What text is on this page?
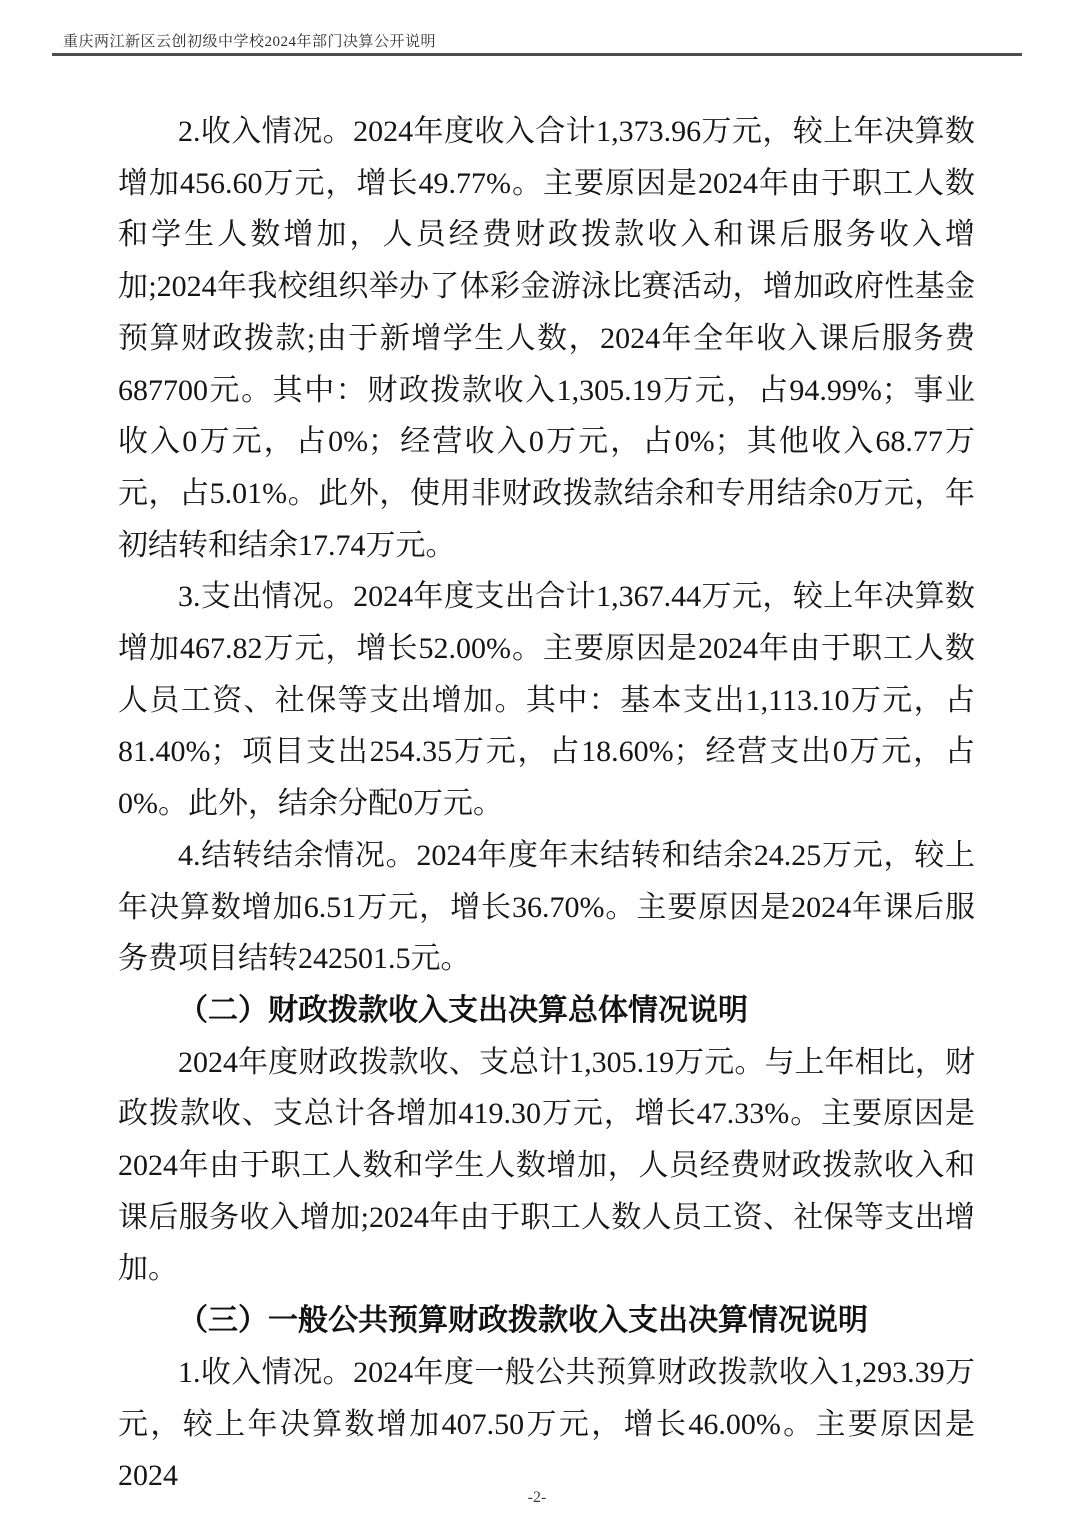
重庆两江新区云创初级中学校2024年部门决算公开说明

2.收入情况。2024年度收入合计1,373.96万元，较上年决算数增加456.60万元，增长49.77%。主要原因是2024年由于职工人数和学生人数增加，人员经费财政拨款收入和课后服务收入增加;2024年我校组织举办了体彩金游泳比赛活动，增加政府性基金预算财政拨款;由于新增学生人数，2024年全年收入课后服务费687700元。其中：财政拨款收入1,305.19万元，占94.99%；事业收入0万元，占0%；经营收入0万元，占0%；其他收入68.77万元，占5.01%。此外，使用非财政拨款结余和专用结余0万元，年初结转和结余17.74万元。

3.支出情况。2024年度支出合计1,367.44万元，较上年决算数增加467.82万元，增长52.00%。主要原因是2024年由于职工人数人员工资、社保等支出增加。其中：基本支出1,113.10万元，占81.40%；项目支出254.35万元，占18.60%；经营支出0万元，占0%。此外，结余分配0万元。

4.结转结余情况。2024年度年末结转和结余24.25万元，较上年决算数增加6.51万元，增长36.70%。主要原因是2024年课后服务费项目结转242501.5元。

（二）财政拨款收入支出决算总体情况说明

2024年度财政拨款收、支总计1,305.19万元。与上年相比，财政拨款收、支总计各增加419.30万元，增长47.33%。主要原因是2024年由于职工人数和学生人数增加，人员经费财政拨款收入和课后服务收入增加;2024年由于职工人数人员工资、社保等支出增加。

（三）一般公共预算财政拨款收入支出决算情况说明

1.收入情况。2024年度一般公共预算财政拨款收入1,293.39万元，较上年决算数增加407.50万元，增长46.00%。主要原因是2024

-2-
